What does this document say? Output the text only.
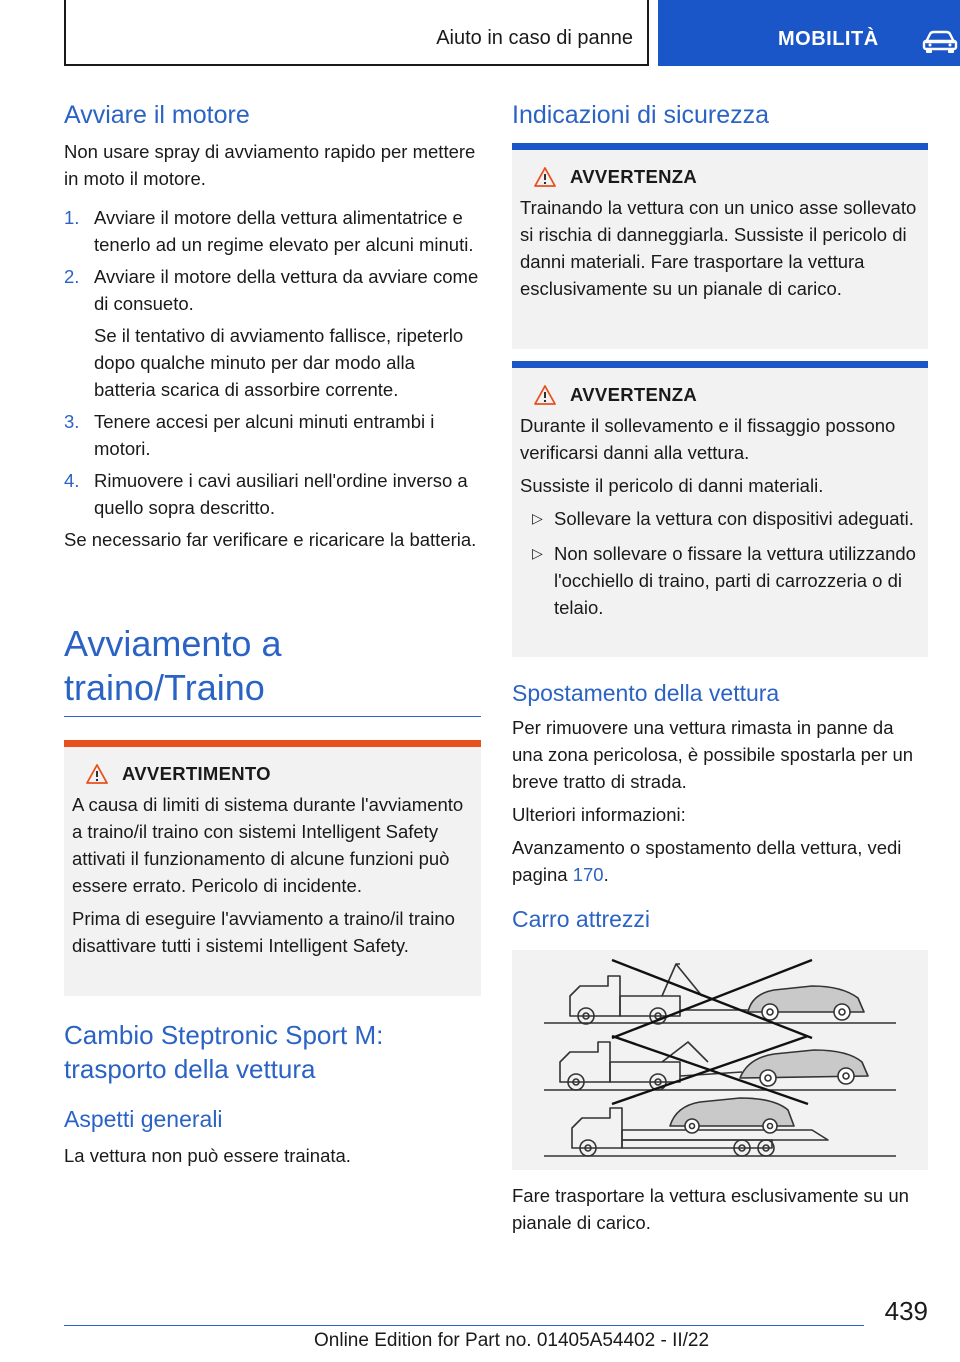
Aiuto in caso di panne	MOBILITÀ
Avviare il motore
Non usare spray di avviamento rapido per mettere in moto il motore.
1. Avviare il motore della vettura alimentatrice e tenerlo ad un regime elevato per alcuni minuti.
2. Avviare il motore della vettura da avviare come di consueto.
Se il tentativo di avviamento fallisce, ripeterlo dopo qualche minuto per dar modo alla batteria scarica di assorbire corrente.
3. Tenere accesi per alcuni minuti entrambi i motori.
4. Rimuovere i cavi ausiliari nell'ordine inverso a quello sopra descritto.
Se necessario far verificare e ricaricare la batteria.
Avviamento a traino/Traino
AVVERTIMENTO
A causa di limiti di sistema durante l'avviamento a traino/il traino con sistemi Intelligent Safety attivati il funzionamento di alcune funzioni può essere errato. Pericolo di incidente.
Prima di eseguire l'avviamento a traino/il traino disattivare tutti i sistemi Intelligent Safety.
Cambio Steptronic Sport M: trasporto della vettura
Aspetti generali
La vettura non può essere trainata.
Indicazioni di sicurezza
AVVERTENZA
Trainando la vettura con un unico asse sollevato si rischia di danneggiarla. Sussiste il pericolo di danni materiali. Fare trasportare la vettura esclusivamente su un pianale di carico.
AVVERTENZA
Durante il sollevamento e il fissaggio possono verificarsi danni alla vettura.
Sussiste il pericolo di danni materiali.
▷ Sollevare la vettura con dispositivi adeguati.
▷ Non sollevare o fissare la vettura utilizzando l'occhiello di traino, parti di carrozzeria o di telaio.
Spostamento della vettura
Per rimuovere una vettura rimasta in panne da una zona pericolosa, è possibile spostarla per un breve tratto di strada.
Ulteriori informazioni:
Avanzamento o spostamento della vettura, vedi pagina 170.
Carro attrezzi
Fare trasportare la vettura esclusivamente su un pianale di carico.
439
Online Edition for Part no. 01405A54402 - II/22
